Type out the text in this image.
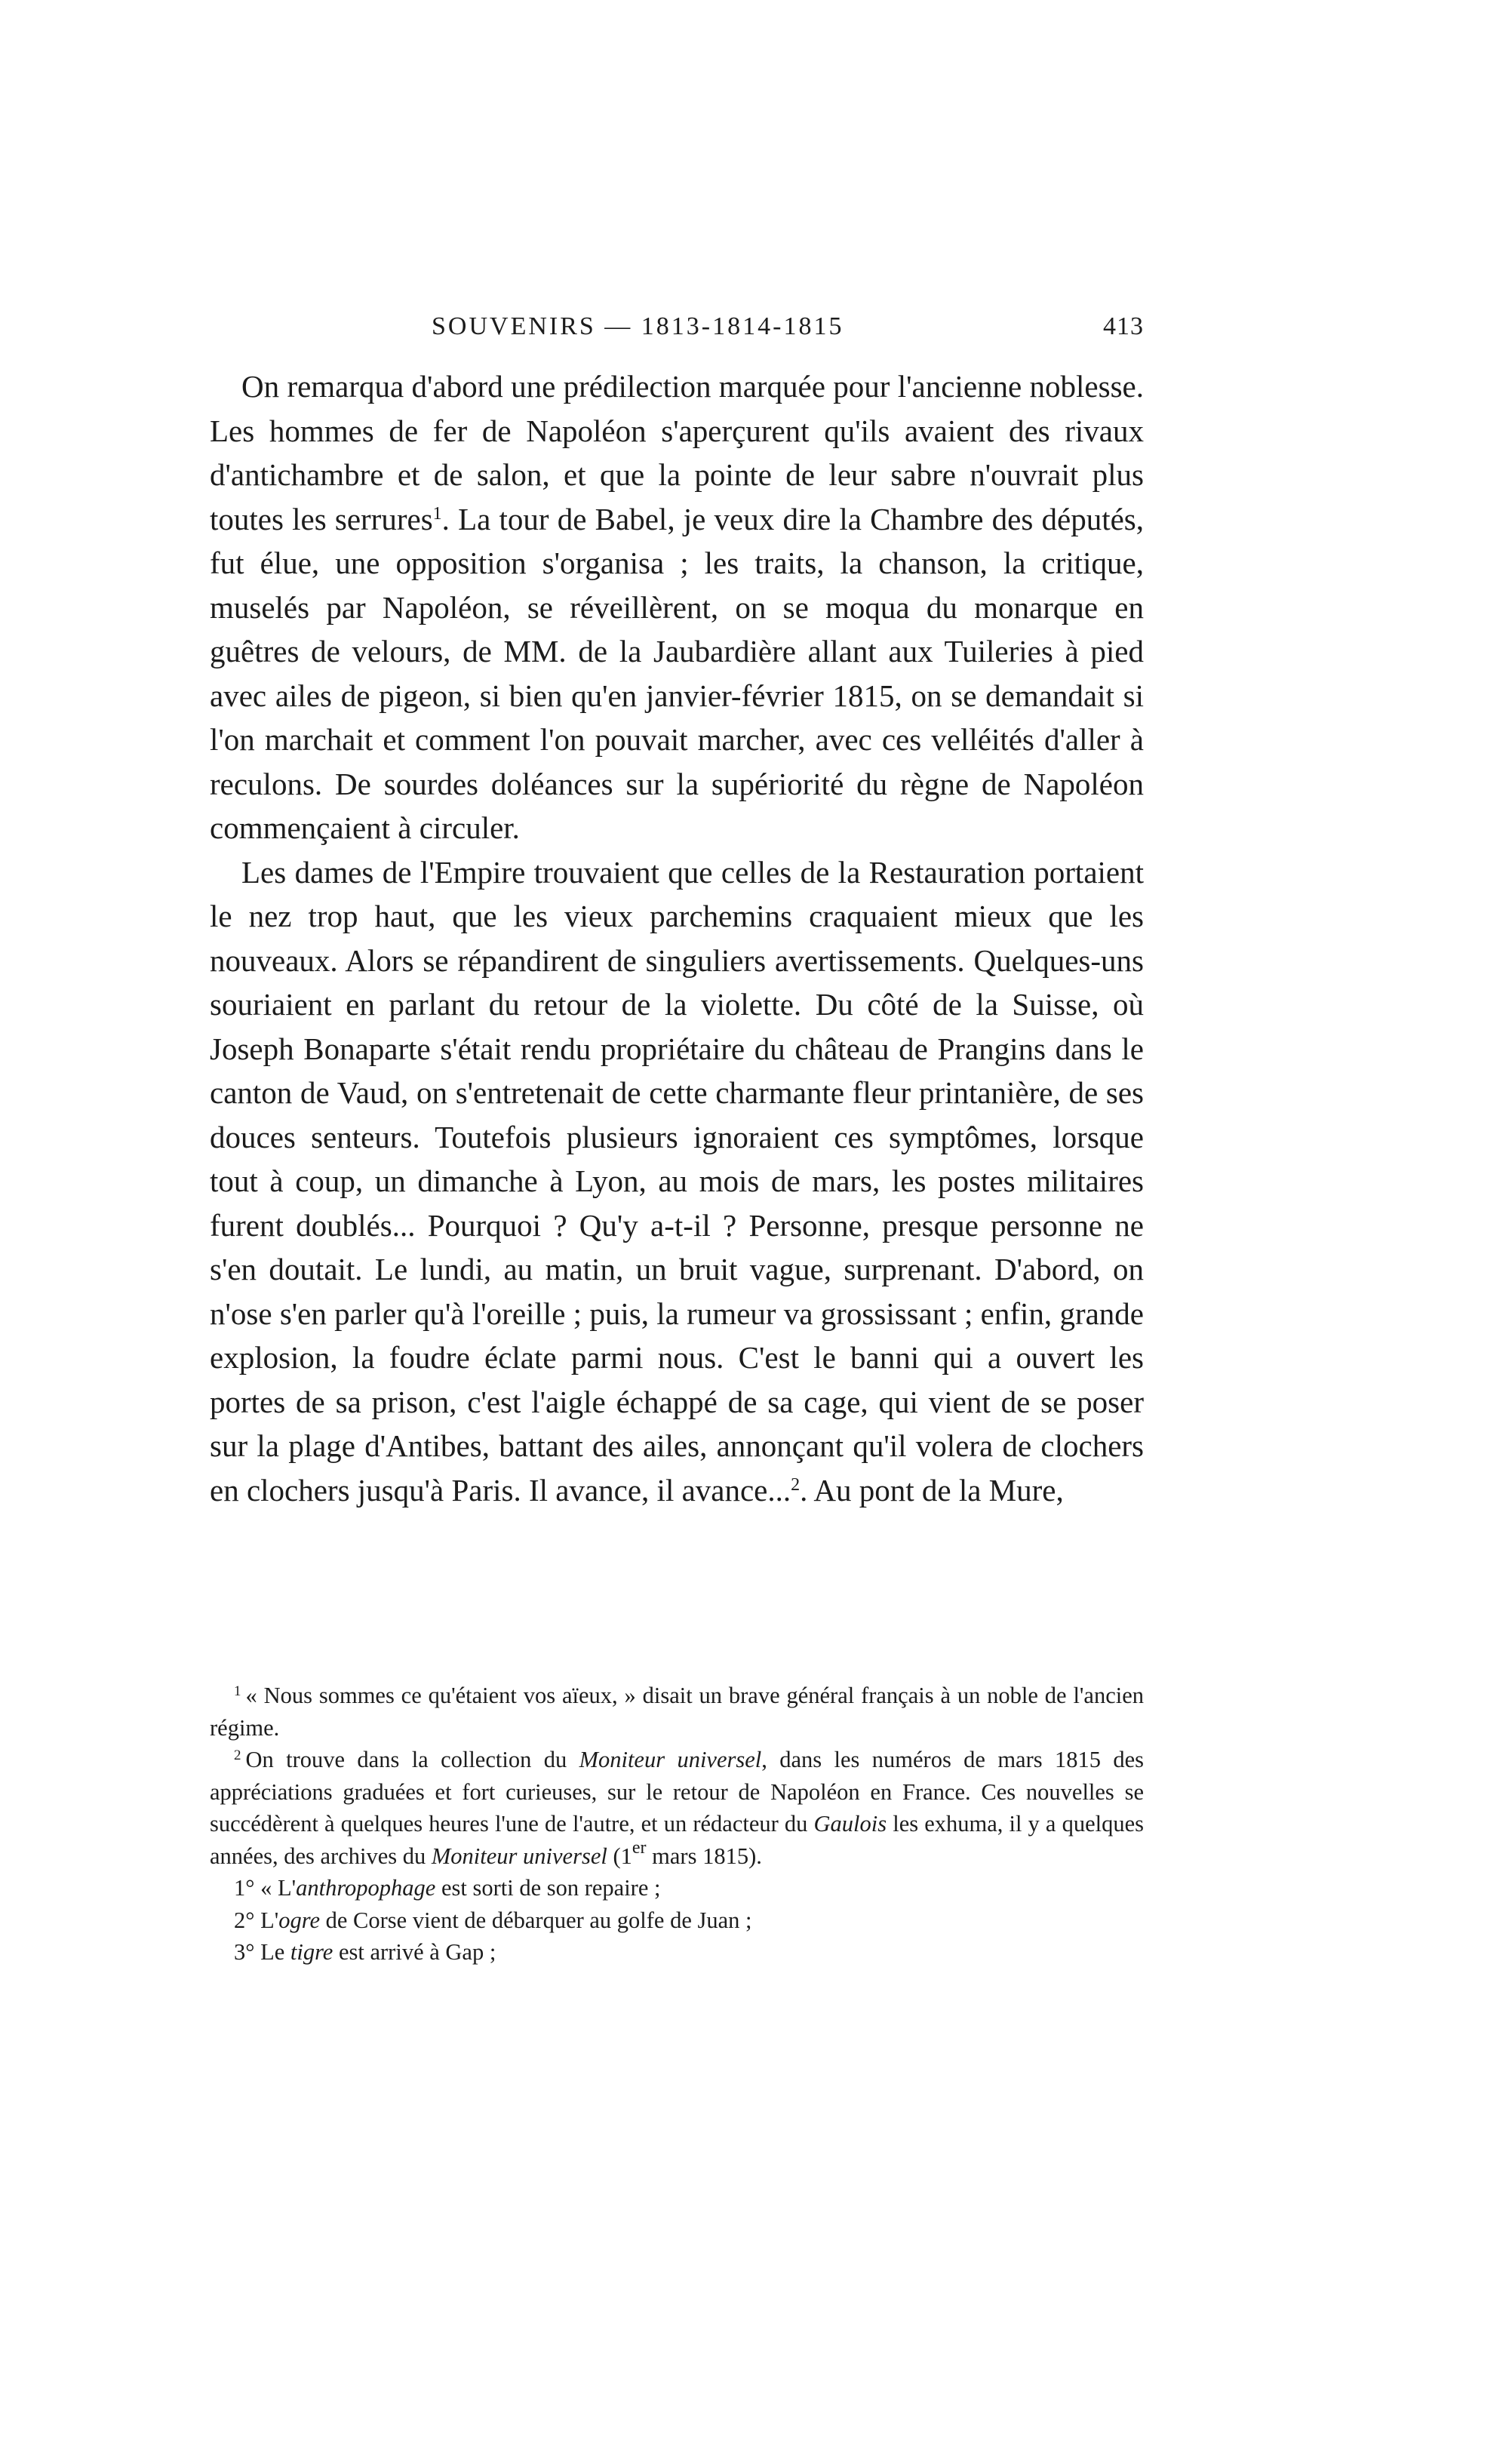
SOUVENIRS — 1813-1814-1815	413

On remarqua d'abord une prédilection marquée pour l'ancienne noblesse. Les hommes de fer de Napoléon s'aperçurent qu'ils avaient des rivaux d'antichambre et de salon, et que la pointe de leur sabre n'ouvrait plus toutes les serrures$^1$. La tour de Babel, je veux dire la Chambre des députés, fut élue, une opposition s'organisa ; les traits, la chanson, la critique, muselés par Napoléon, se réveillèrent, on se moqua du monarque en guêtres de velours, de MM. de la Jaubardière allant aux Tuileries à pied avec ailes de pigeon, si bien qu'en janvier-février 1815, on se demandait si l'on marchait et comment l'on pouvait marcher, avec ces velléités d'aller à reculons. De sourdes doléances sur la supériorité du règne de Napoléon commençaient à circuler.

Les dames de l'Empire trouvaient que celles de la Restauration portaient le nez trop haut, que les vieux parchemins craquaient mieux que les nouveaux. Alors se répandirent de singuliers avertissements. Quelques-uns souriaient en parlant du retour de la violette. Du côté de la Suisse, où Joseph Bonaparte s'était rendu propriétaire du château de Prangins dans le canton de Vaud, on s'entretenait de cette charmante fleur printanière, de ses douces senteurs. Toutefois plusieurs ignoraient ces symptômes, lorsque tout à coup, un dimanche à Lyon, au mois de mars, les postes militaires furent doublés... Pourquoi ? Qu'y a-t-il ? Personne, presque personne ne s'en doutait. Le lundi, au matin, un bruit vague, surprenant. D'abord, on n'ose s'en parler qu'à l'oreille ; puis, la rumeur va grossissant ; enfin, grande explosion, la foudre éclate parmi nous. C'est le banni qui a ouvert les portes de sa prison, c'est l'aigle échappé de sa cage, qui vient de se poser sur la plage d'Antibes, battant des ailes, annonçant qu'il volera de clochers en clochers jusqu'à Paris. Il avance, il avance...$^2$. Au pont de la Mure,

$^1$ « Nous sommes ce qu'étaient vos aïeux, » disait un brave général français à un noble de l'ancien régime.

$^2$ On trouve dans la collection du Moniteur universel, dans les numéros de mars 1815 des appréciations graduées et fort curieuses, sur le retour de Napoléon en France. Ces nouvelles se succédèrent à quelques heures l'une de l'autre, et un rédacteur du Gaulois les exhuma, il y a quelques années, des archives du Moniteur universel (1er mars 1815).

1° « L'anthropophage est sorti de son repaire ;
2° L'ogre de Corse vient de débarquer au golfe de Juan ;
3° Le tigre est arrivé à Gap ;
